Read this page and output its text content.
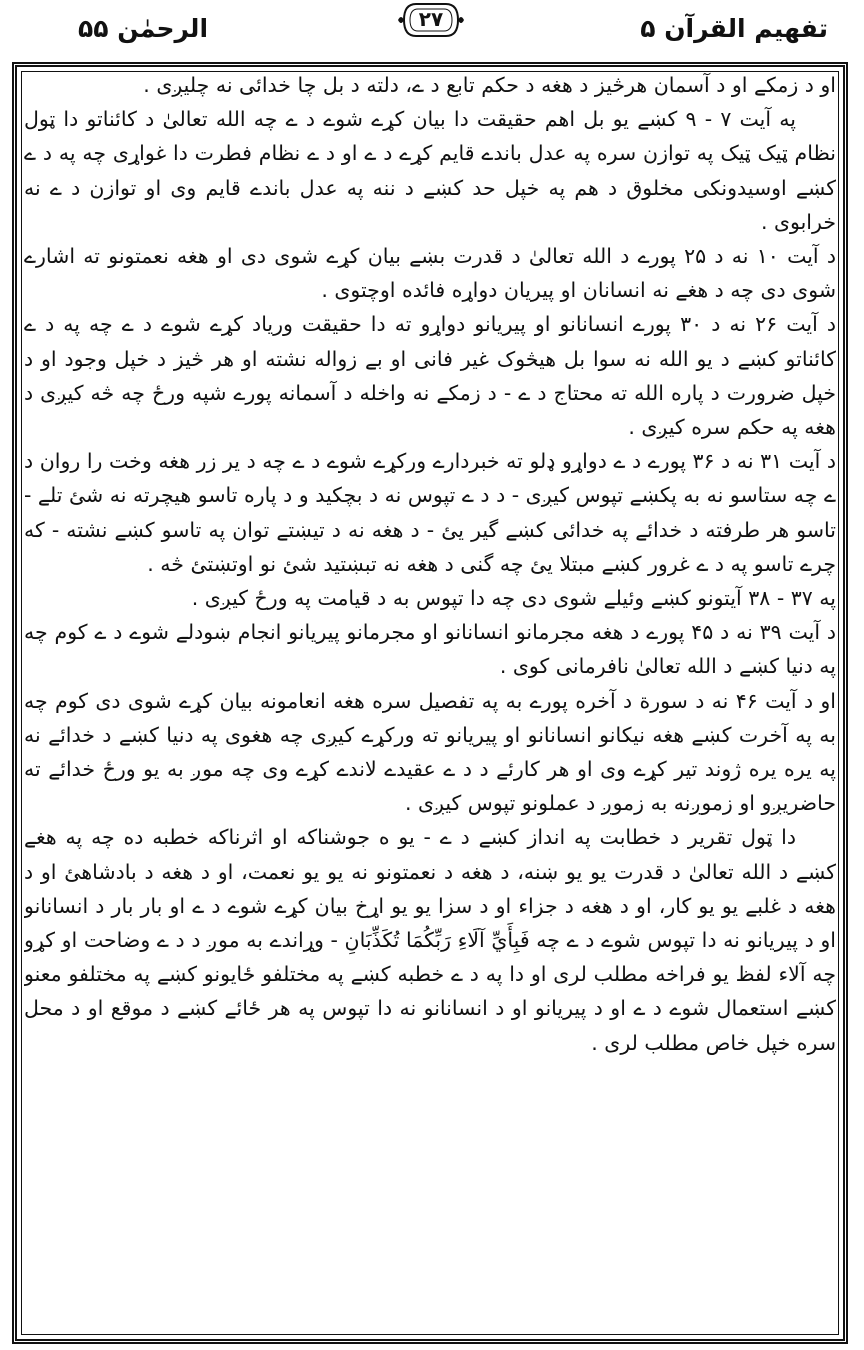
تفهیم القرآن ۵
۲۷
الرحمٰن ۵۵

او د زمکے او د آسمان هرڅیز د هغه د حکم تابع د ے، دلته د بل چا خدائی نه چلیږی .

په آیت ۷ - ۹ کښے یو بل اهم حقیقت دا بیان کړے شوے د ے چه الله تعالیٰ د کائناتو دا ټول نظام ټیک ټیک په توازن سره په عدل باندے قایم کړے د ے او د ے نظام فطرت دا غواړی چه په د ے کښے اوسیدونکی مخلوق د هم په خپل حد کښے د ننه په عدل باندے قایم وی او توازن د ے نه خرابوی .

د آیت ۱۰ نه د ۲۵ پورے د الله تعالیٰ د قدرت بښے بیان کړے شوی دی او هغه نعمتونو ته اشارے شوی دی چه د هغے نه انسانان او پیریان دواړه فائده اوچتوی .

د آیت ۲۶ نه د ۳۰ پورے انسانانو او پیریانو دواړو ته دا حقیقت وریاد کړے شوے د ے چه په د ے کائناتو کښے د یو الله نه سوا بل هیڅوک غیر فانی او بے زواله نشته او هر څیز د خپل وجود او د خپل ضرورت د پاره الله ته محتاج د ے - د زمکے نه واخله د آسمانه پورے شپه ورځ چه څه کیږی د هغه په حکم سره کیږی .

د آیت ۳۱ نه د ۳۶ پورے د ے دواړو ډلو ته خبردارے ورکړے شوے د ے چه د یر زر هغه وخت را روان د ے چه ستاسو نه به پکښے تپوس کیږی - د د ے تپوس نه د بچکید و د پاره تاسو هیچرته نه شئ تلے - تاسو هر طرفته د خدائے په خدائی کښے گیر یئ - د هغه نه د تیښتے توان په تاسو کښے نشته - که چرے تاسو په د ے غرور کښے مبتلا یئ چه گنی د هغه نه تبښتید شئ نو اوتښتئ څه .

په ۳۷ - ۳۸ آیتونو کښے وئیلے شوی دی چه دا تپوس به د قیامت په ورځ کیږی .

د آیت ۳۹ نه د ۴۵ پورے د هغه مجرمانو انسانانو او مجرمانو پیریانو انجام ښودلے شوے د ے کوم چه په دنیا کښے د الله تعالیٰ نافرمانی کوی .

او د آیت ۴۶ نه د سورة د آخره پورے به په تفصیل سره هغه انعامونه بیان کړے شوی دی کوم چه به په آخرت کښے هغه نیکانو انسانانو او پیریانو ته ورکړے کیږی چه هغوی په دنیا کښے د خدائے نه په یره یره ژوند تیر کړے وی او هر کارئے د د ے عقیدے لاندے کړے وی چه موږ به یو ورځ خدائے ته حاضریږو او زموږنه به زموږ د عملونو تپوس کیږی .

دا ټول تقریر د خطابت په انداز کښے د ے - یو ه جوشناکه او اثرناکه خطبه ده چه په هغے کښے د الله تعالیٰ د قدرت یو یو ښنه، د هغه د نعمتونو نه یو یو نعمت، او د هغه د بادشاهئ او د هغه د غلبے یو یو کار، او د هغه د جزاء او د سزا یو یو اړخ بیان کړے شوے د ے او بار بار د انسانانو او د پیریانو نه دا تپوس شوے د ے چه فَبِأَيِّ آلَاءِ رَبِّكُمَا تُكَذِّبَانِ - وړاندے به موږ د د ے وضاحت او کړو چه آلاء لفظ یو فراخه مطلب لری او دا په د ے خطبه کښے په مختلفو ځایونو کښے په مختلفو معنو کښے استعمال شوے د ے او د پیریانو او د انسانانو نه دا تپوس په هر ځائے کښے د موقع او د محل سره خپل خاص مطلب لری .
